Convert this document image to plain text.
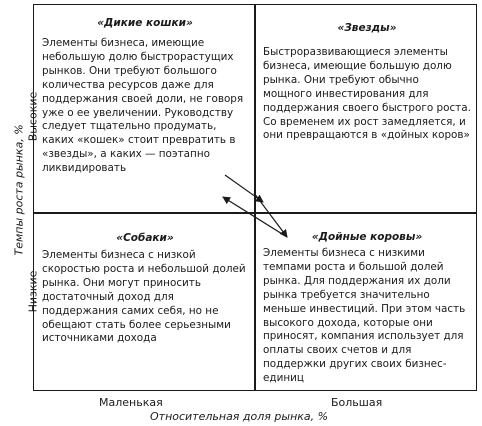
«Дикие кошки»

Элементы бизнеса, имеющие небольшую долю быстрорастущих рынков. Они требуют большого количества ресурсов даже для поддержания своей доли, не говоря уже о ее увеличении. Руководству следует тщательно продумать, каких «кошек» стоит превратить в «звезды», а каких — поэтапно ликвидировать

«Звезды»

Быстроразвивающиеся элементы бизнеса, имеющие большую долю рынка. Они требуют обычно мощного инвестирования для поддержания своего быстрого роста. Со временем их рост замедляется, и они превращаются в «дойных коров»

«Собаки»

Элементы бизнеса с низкой скоростью роста и небольшой долей рынка. Они могут приносить достаточный доход для поддержания самих себя, но не обещают стать более серьезными источниками дохода

«Дойные коровы»

Элементы бизнеса с низкими темпами роста и большой долей рынка. Для поддержания их доли рынка требуется значительно меньше инвестиций. При этом часть высокого дохода, которые они приносят, компания использует для оплаты своих счетов и для поддержки других своих бизнес-единиц

Темпы роста рынка, %
Высокие
Низкие
Маленькая	Большая
Относительная доля рынка, %
